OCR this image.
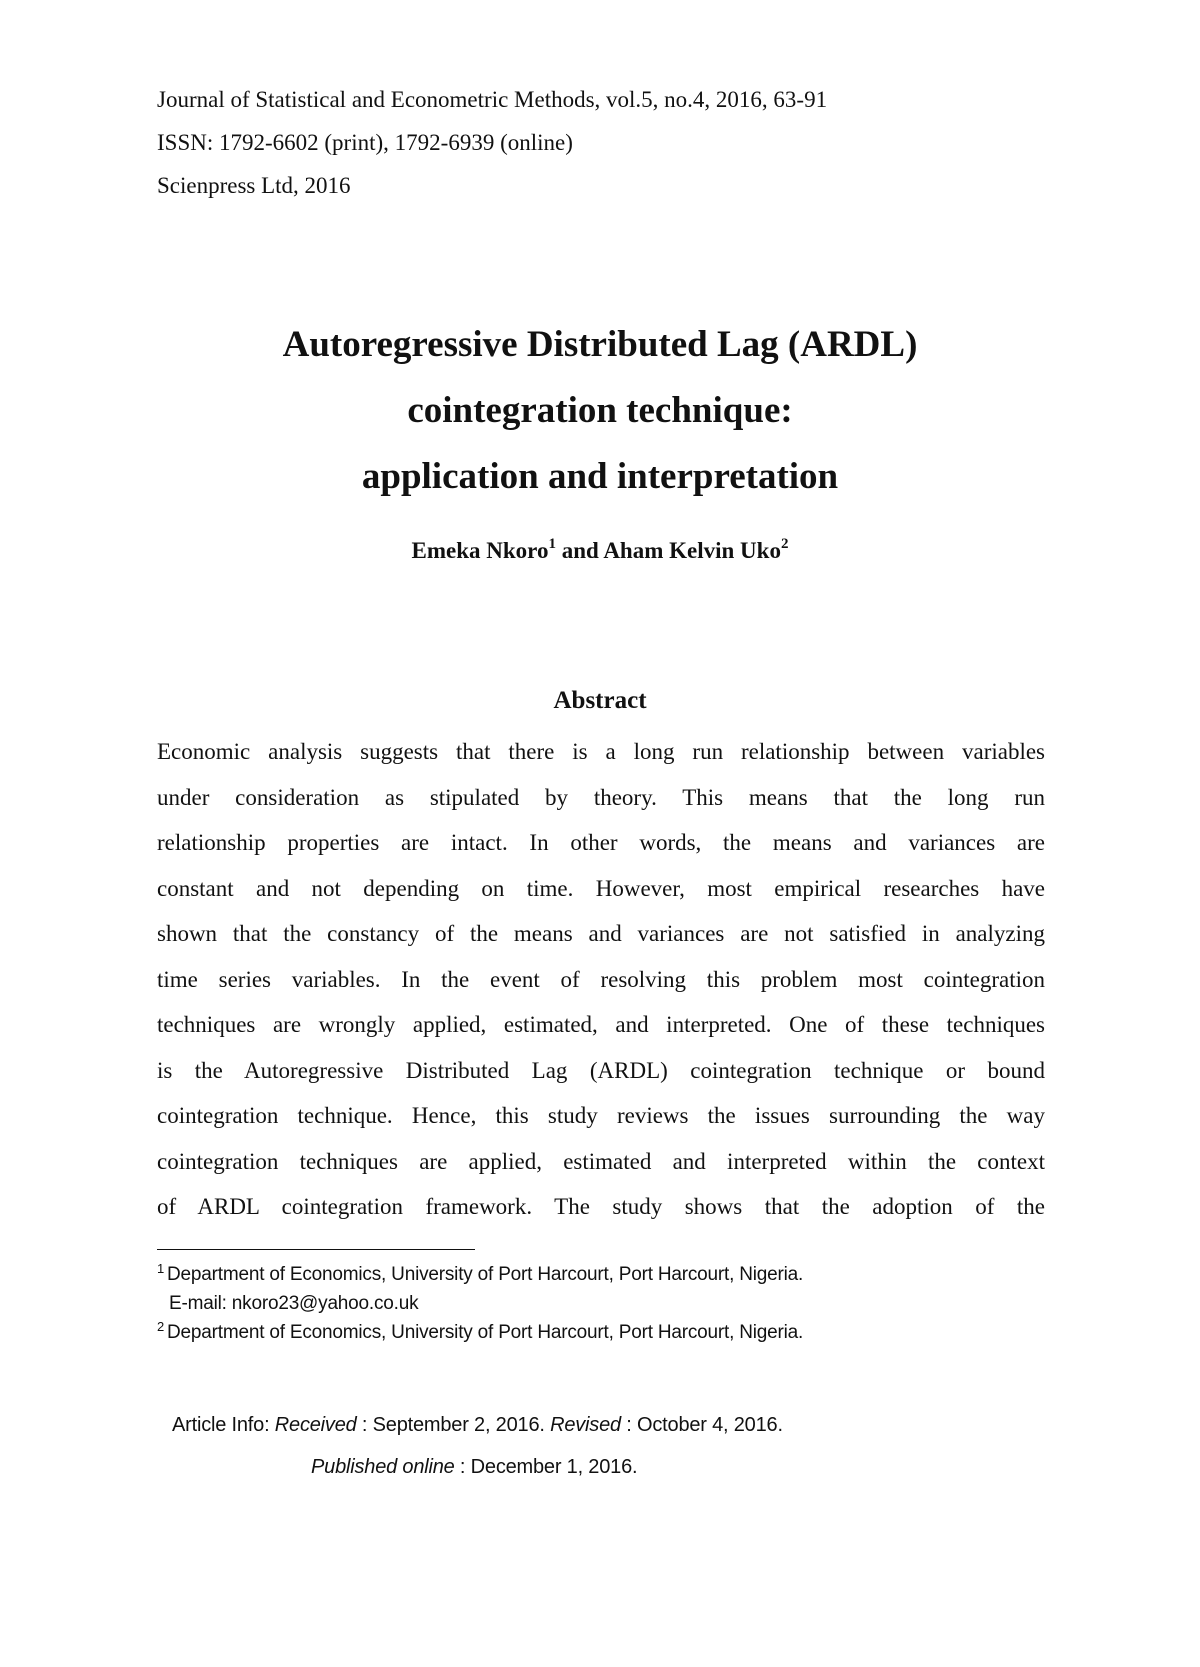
Journal of Statistical and Econometric Methods, vol.5, no.4, 2016, 63-91
ISSN: 1792-6602 (print), 1792-6939 (online)
Scienpress Ltd, 2016
Autoregressive Distributed Lag (ARDL)
cointegration technique:
application and interpretation
Emeka Nkoro$^1$ and Aham Kelvin Uko$^2$
Abstract
Economic analysis suggests that there is a long run relationship between variables
under consideration as stipulated by theory. This means that the long run
relationship properties are intact. In other words, the means and variances are
constant and not depending on time. However, most empirical researches have
shown that the constancy of the means and variances are not satisfied in analyzing
time series variables. In the event of resolving this problem most cointegration
techniques are wrongly applied, estimated, and interpreted. One of these techniques
is the Autoregressive Distributed Lag (ARDL) cointegration technique or bound
cointegration technique. Hence, this study reviews the issues surrounding the way
cointegration techniques are applied, estimated and interpreted within the context
of ARDL cointegration framework. The study shows that the adoption of the
$^1$ Department of Economics, University of Port Harcourt, Port Harcourt, Nigeria.
E-mail: nkoro23@yahoo.co.uk
$^2$ Department of Economics, University of Port Harcourt, Port Harcourt, Nigeria.
Article Info: Received : September 2, 2016. Revised : October 4, 2016.
Published online : December 1, 2016.
